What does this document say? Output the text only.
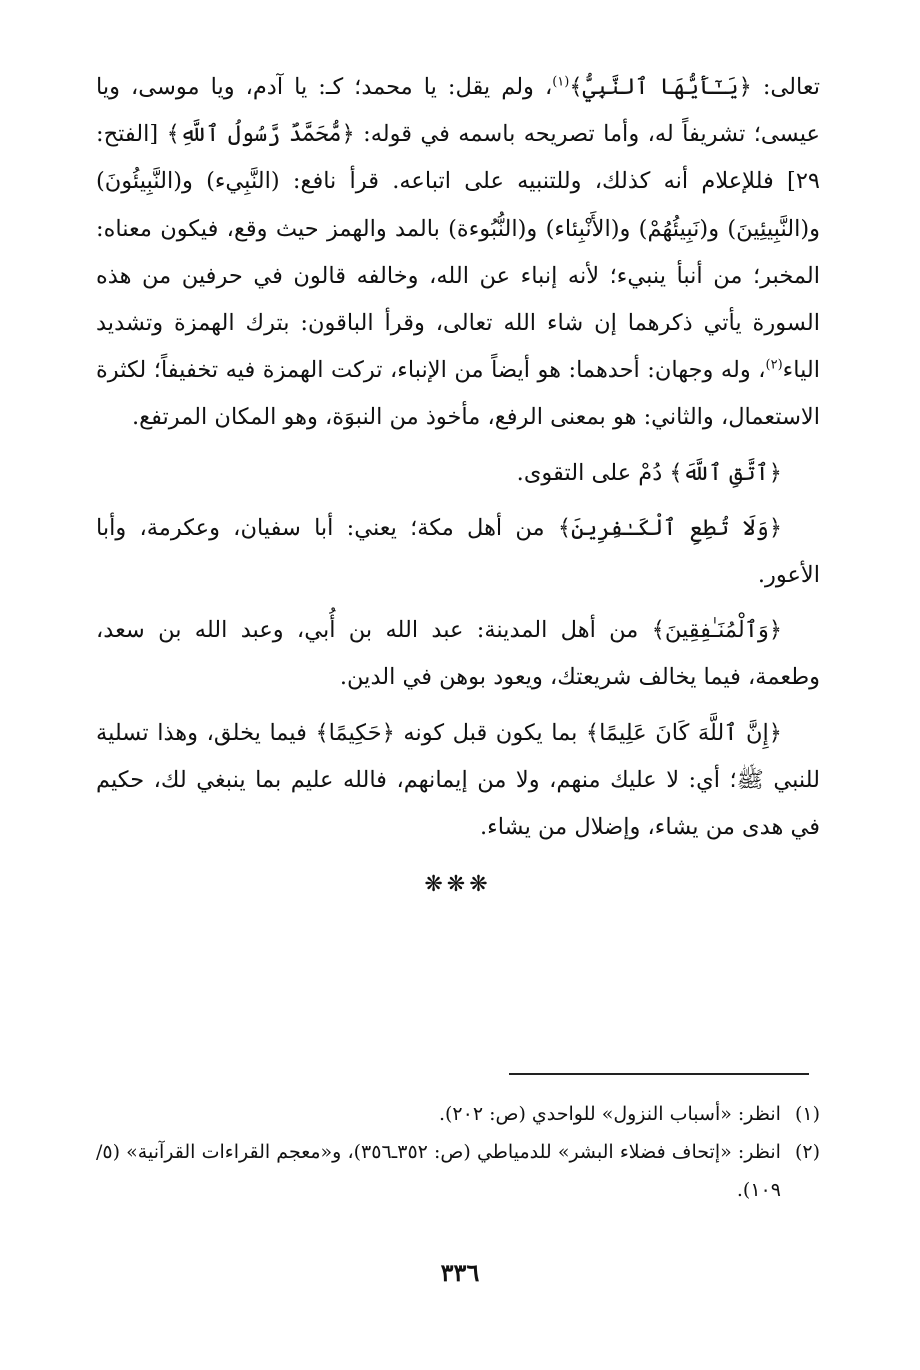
تعالى: ﴿يَـٰٓأَيُّهَا ٱلنَّبِيُّ﴾$^{(١)}$، ولم يقل: يا محمد؛ كـ: يا آدم، ويا موسى، ويا عيسى؛ تشريفاً له، وأما تصريحه باسمه في قوله: ﴿مُّحَمَّدٌ رَّسُولُ ٱللَّهِ﴾ [الفتح: ٢٩] فللإعلام أنه كذلك، وللتنبيه على اتباعه. قرأ نافع: (النَّبِيء) و(النَّبِيئُونَ) و(النَّبِيئِينَ) و(نَبِيئُهُمْ) و(الأَنْبِئاء) و(النُّبُوءة) بالمد والهمز حيث وقع، فيكون معناه: المخبر؛ من أنبأ ينبيء؛ لأنه إنباء عن الله، وخالفه قالون في حرفين من هذه السورة يأتي ذكرهما إن شاء الله تعالى، وقرأ الباقون: بترك الهمزة وتشديد الياء$^{(٢)}$، وله وجهان: أحدهما: هو أيضاً من الإنباء، تركت الهمزة فيه تخفيفاً؛ لكثرة الاستعمال، والثاني: هو بمعنى الرفع، مأخوذ من النبوَة، وهو المكان المرتفع.

﴿ٱتَّقِ ٱللَّهَ﴾ دُمْ على التقوى.

﴿وَلَا تُطِعِ ٱلْكَـٰفِرِينَ﴾ من أهل مكة؛ يعني: أبا سفيان، وعكرمة، وأبا الأعور.

﴿وَٱلْمُنَـٰفِقِينَ﴾ من أهل المدينة: عبد الله بن أُبي، وعبد الله بن سعد، وطعمة، فيما يخالف شريعتك، ويعود بوهن في الدين.

﴿إِنَّ ٱللَّهَ كَانَ عَلِيمًا﴾ بما يكون قبل كونه ﴿حَكِيمًا﴾ فيما يخلق، وهذا تسلية للنبي ﷺ؛ أي: لا عليك منهم، ولا من إيمانهم، فالله عليم بما ينبغي لك، حكيم في هدى من يشاء، وإضلال من يشاء.

❋❋❋
(١)
انظر: «أسباب النزول» للواحدي (ص: ٢٠٢).
(٢)
انظر: «إتحاف فضلاء البشر» للدمياطي (ص: ٣٥٢ـ٣٥٦)، و«معجم القراءات القرآنية» (٥/ ١٠٩).
٣٣٦
